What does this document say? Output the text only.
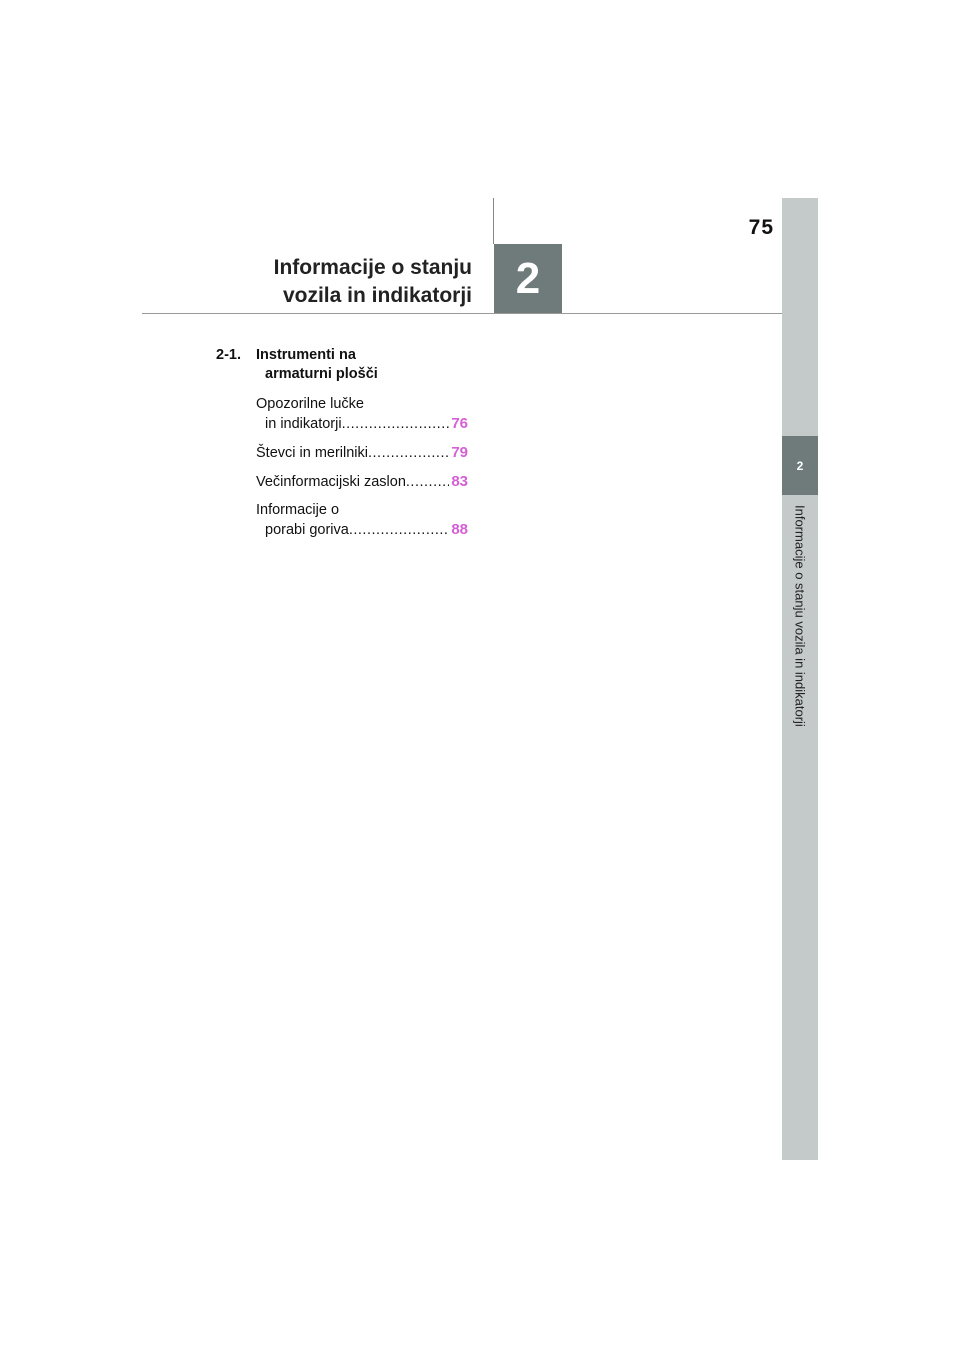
75
Informacije o stanju
vozila in indikatorji 2
2
Informacije o stanju vozila in indikatorji
2-1. Instrumenti na
armaturni plošči
Opozorilne lučke
in indikatorji .....	76
Števci in merilniki .....	79
Večinformacijski zaslon .....	83
Informacije o
porabi goriva .....	88
